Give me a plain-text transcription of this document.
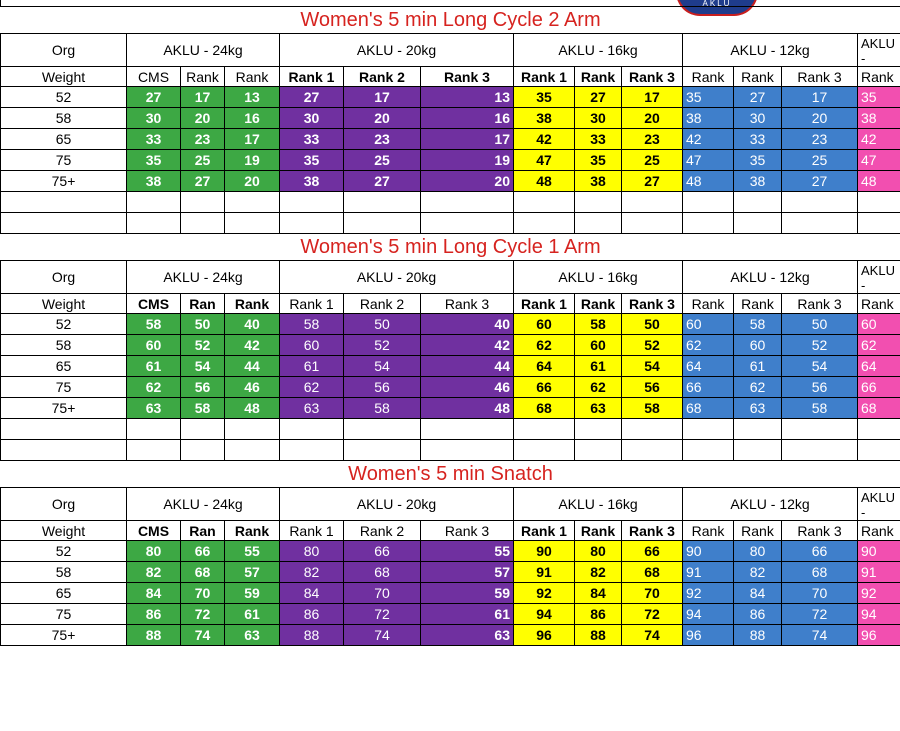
AKLU

Women's 5 min Long Cycle 2 Arm													
Org	AKLU - 24kg			AKLU - 20kg			AKLU - 16kg			AKLU - 12kg			AKLU
-
Weight	CMS	Rank	Rank	Rank 1	Rank 2	Rank 3	Rank 1	Rank	Rank 3	Rank	Rank	Rank 3	Rank
52	27	17	13	27	17	13	35	27	17	35	27	17	35
58	30	20	16	30	20	16	38	30	20	38	30	20	38
65	33	23	17	33	23	17	42	33	23	42	33	23	42
75	35	25	19	35	25	19	47	35	25	47	35	25	47
75+	38	27	20	38	27	20	48	38	27	48	38	27	48

Women's 5 min Long Cycle 1 Arm													
Org	AKLU - 24kg			AKLU - 20kg			AKLU - 16kg			AKLU - 12kg			AKLU
-
Weight	CMS	Ran	Rank	Rank 1	Rank 2	Rank 3	Rank 1	Rank	Rank 3	Rank	Rank	Rank 3	Rank
52	58	50	40	58	50	40	60	58	50	60	58	50	60
58	60	52	42	60	52	42	62	60	52	62	60	52	62
65	61	54	44	61	54	44	64	61	54	64	61	54	64
75	62	56	46	62	56	46	66	62	56	66	62	56	66
75+	63	58	48	63	58	48	68	63	58	68	63	58	68

Women's 5 min Snatch													
Org	AKLU - 24kg			AKLU - 20kg			AKLU - 16kg			AKLU - 12kg			AKLU
-
Weight	CMS	Ran	Rank	Rank 1	Rank 2	Rank 3	Rank 1	Rank	Rank 3	Rank	Rank	Rank 3	Rank
52	80	66	55	80	66	55	90	80	66	90	80	66	90
58	82	68	57	82	68	57	91	82	68	91	82	68	91
65	84	70	59	84	70	59	92	84	70	92	84	70	92
75	86	72	61	86	72	61	94	86	72	94	86	72	94
75+	88	74	63	88	74	63	96	88	74	96	88	74	96
